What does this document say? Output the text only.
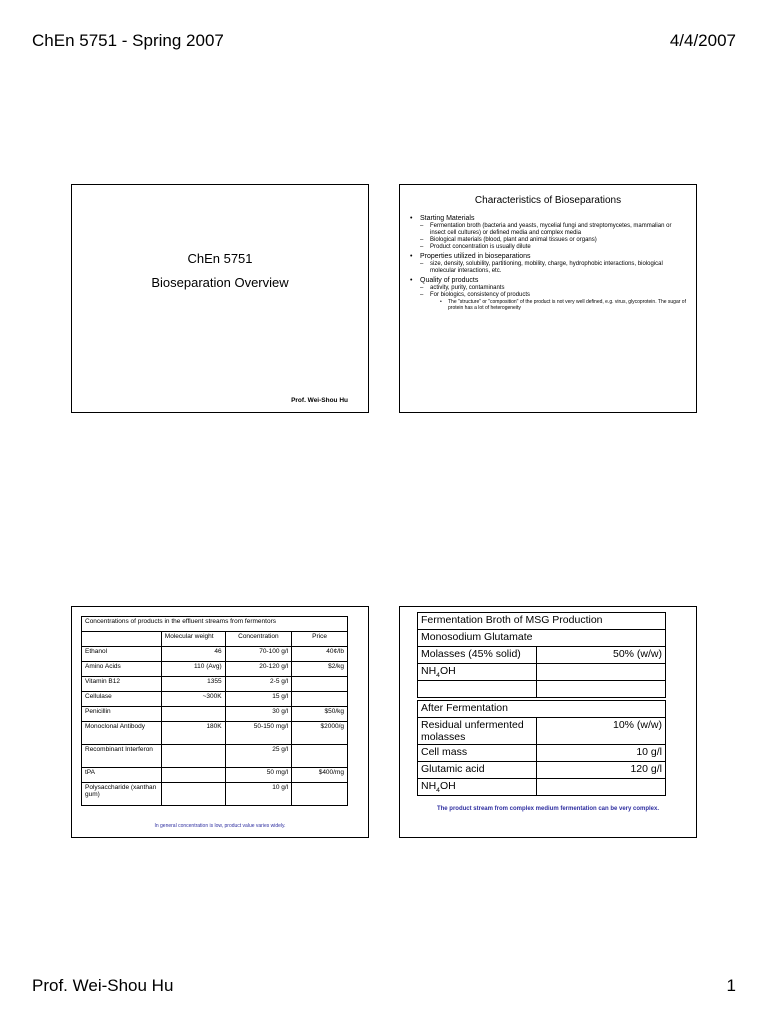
ChEn 5751 - Spring 2007	4/4/2007
ChEn 5751
Bioseparation Overview
Prof. Wei-Shou Hu
Characteristics of Bioseparations
• Starting Materials
– Fermentation broth (bacteria and yeasts, mycelial fungi and streptomycetes, mammalian or insect cell cultures) or defined media and complex media
– Biological materials (blood, plant and animal tissues or organs)
– Product concentration is usually dilute
• Properties utilized in bioseparations
– size, density, solubility, partitioning, mobility, charge, hydrophobic interactions, biological molecular interactions, etc.
• Quality of products
– activity, purity, contaminants
– For biologics, consistency of products
• The "structure" or "composition" of the product is not very well defined, e.g. virus, glycoprotein. The sugar of protein has a lot of heterogeneity
Concentrations of products in the effluent streams from fermentors			
	Molecular weight	Concentration	Price
Ethanol	46	70-100 g/l	40¢/lb
Amino Acids	110 (Avg)	20-120 g/l	$2/kg
Vitamin B12	1355	2-5 g/l	
Cellulase	~300K	15 g/l	
Penicillin		30 g/l	$50/kg
Monoclonal Antibody	180K	50-150 mg/l	$2000/g
Recombinant Interferon		25 g/l	
tPA		50 mg/l	$400/mg
Polysaccharide (xanthan gum)		10 g/l	
In general concentration is low, product value varies widely.
Fermentation Broth of MSG Production	
Monosodium Glutamate	
Molasses (45% solid)	50% (w/w)
$NH_4OH$	

After Fermentation	
Residual unfermented molasses	10% (w/w)
Cell mass	10 g/l
Glutamic acid	120 g/l
$NH_4OH$	
The product stream from complex medium fermentation can be very complex.
Prof. Wei-Shou Hu	1
